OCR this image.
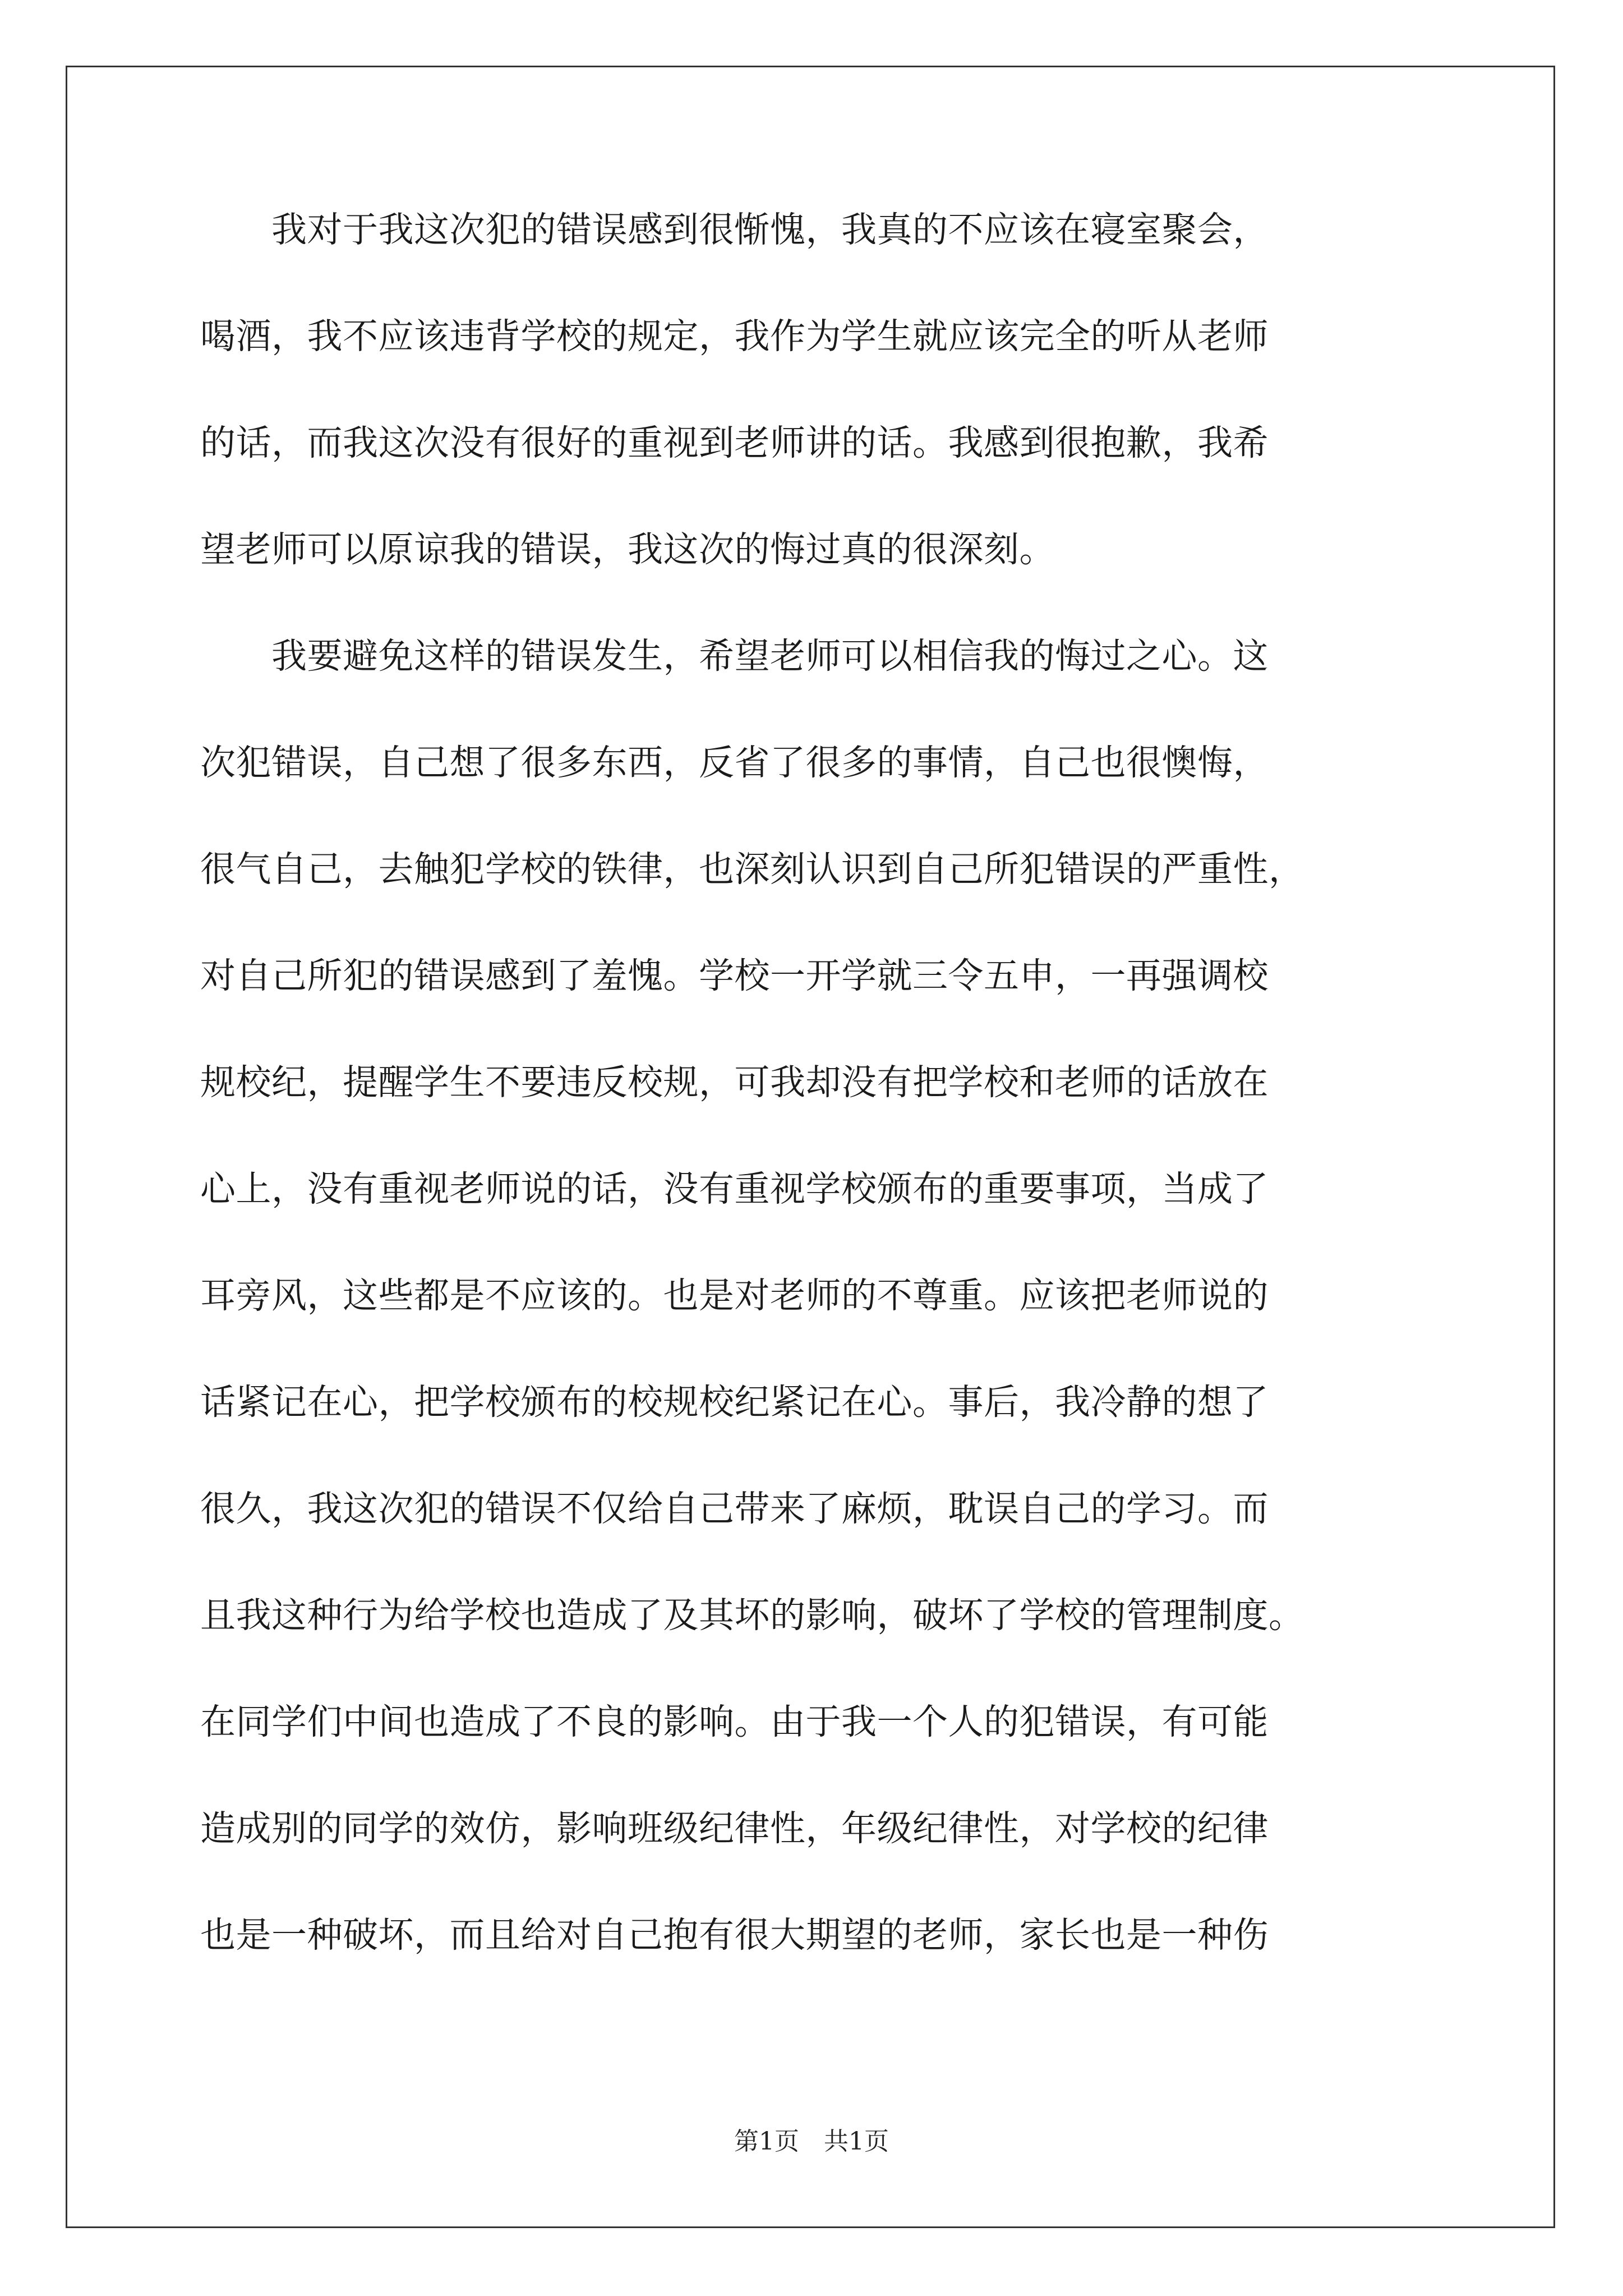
　　我对于我这次犯的错误感到很惭愧，我真的不应该在寝室聚会，
喝酒，我不应该违背学校的规定，我作为学生就应该完全的听从老师
的话，而我这次没有很好的重视到老师讲的话。我感到很抱歉，我希
望老师可以原谅我的错误，我这次的悔过真的很深刻。
　　我要避免这样的错误发生，希望老师可以相信我的悔过之心。这
次犯错误，自己想了很多东西，反省了很多的事情，自己也很懊悔，
很气自己，去触犯学校的铁律，也深刻认识到自己所犯错误的严重性，
对自己所犯的错误感到了羞愧。学校一开学就三令五申，一再强调校
规校纪，提醒学生不要违反校规，可我却没有把学校和老师的话放在
心上，没有重视老师说的话，没有重视学校颁布的重要事项，当成了
耳旁风，这些都是不应该的。也是对老师的不尊重。应该把老师说的
话紧记在心，把学校颁布的校规校纪紧记在心。事后，我冷静的想了
很久，我这次犯的错误不仅给自己带来了麻烦，耽误自己的学习。而
且我这种行为给学校也造成了及其坏的影响，破坏了学校的管理制度。
在同学们中间也造成了不良的影响。由于我一个人的犯错误，有可能
造成别的同学的效仿，影响班级纪律性，年级纪律性，对学校的纪律
也是一种破坏，而且给对自己抱有很大期望的老师，家长也是一种伤
第1页　共1页
